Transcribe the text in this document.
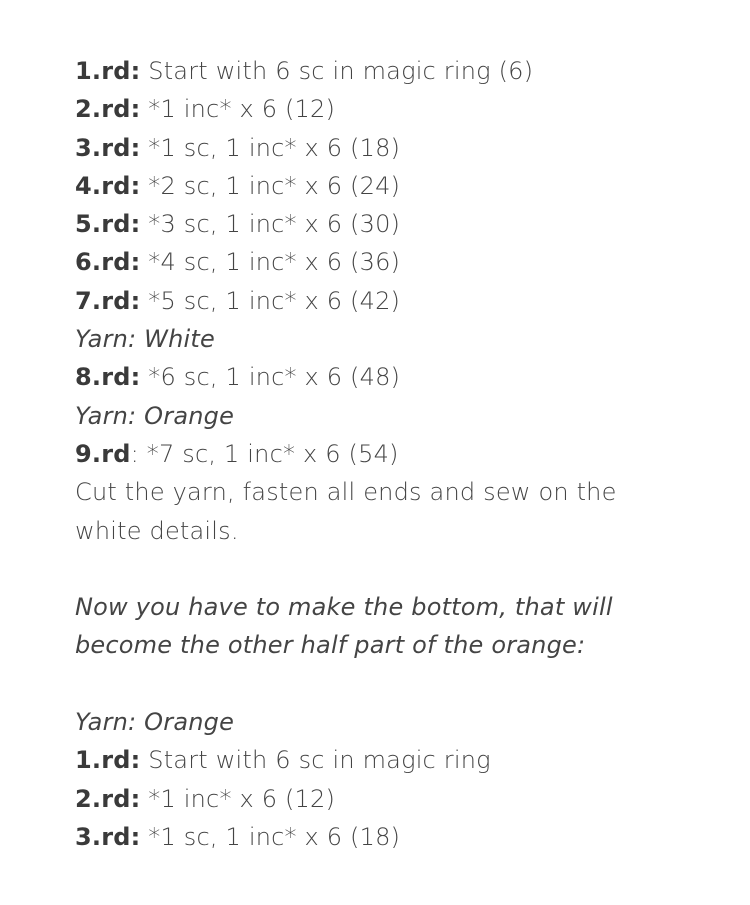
1.rd: Start with 6 sc in magic ring (6)
2.rd: *1 inc* x 6 (12)
3.rd: *1 sc, 1 inc* x 6 (18)
4.rd: *2 sc, 1 inc* x 6 (24)
5.rd: *3 sc, 1 inc* x 6 (30)
6.rd: *4 sc, 1 inc* x 6 (36)
7.rd: *5 sc, 1 inc* x 6 (42)
Yarn: White
8.rd: *6 sc, 1 inc* x 6 (48)
Yarn: Orange
9.rd: *7 sc, 1 inc* x 6 (54)
Cut the yarn, fasten all ends and sew on the
white details.
Now you have to make the bottom, that will
become the other half part of the orange:
Yarn: Orange
1.rd: Start with 6 sc in magic ring
2.rd: *1 inc* x 6 (12)
3.rd: *1 sc, 1 inc* x 6 (18)
